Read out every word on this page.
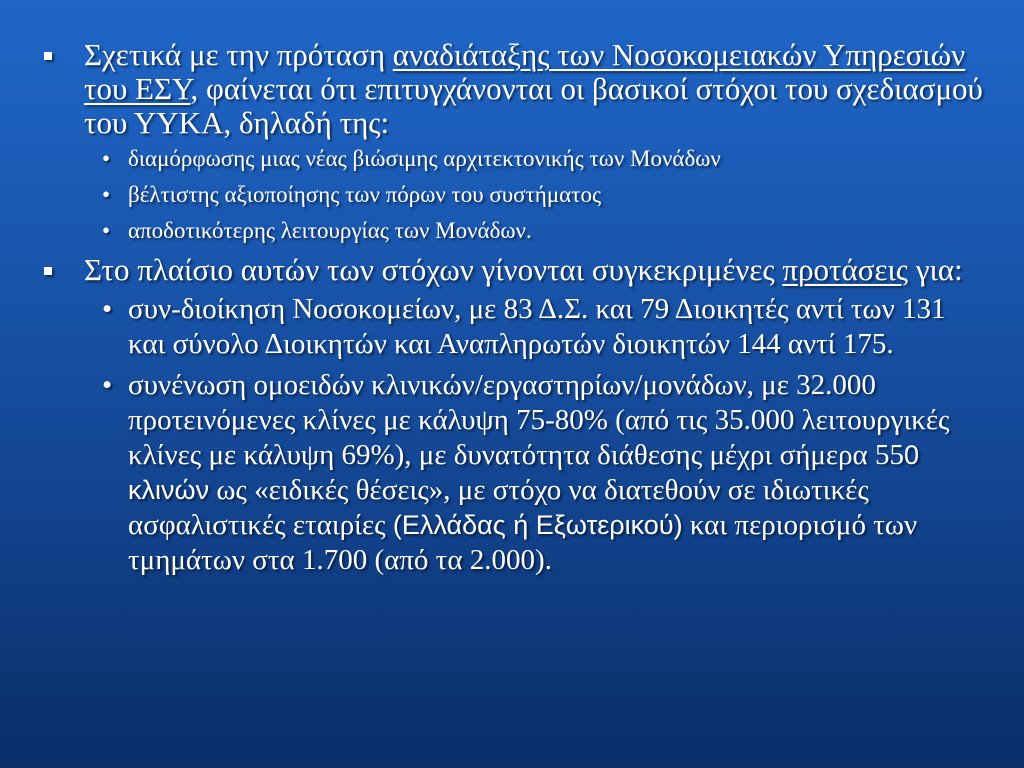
Σχετικά με την πρόταση αναδιάταξης των Νοσοκομειακών Υπηρεσιών του ΕΣΥ, φαίνεται ότι επιτυγχάνονται οι βασικοί στόχοι του σχεδιασμού του ΥΥΚΑ, δηλαδή της:
• διαμόρφωσης μιας νέας βιώσιμης αρχιτεκτονικής των Μονάδων
• βέλτιστης αξιοποίησης των πόρων του συστήματος
• αποδοτικότερης λειτουργίας των Μονάδων.
Στο πλαίσιο αυτών των στόχων γίνονται συγκεκριμένες προτάσεις για:
• συν-διοίκηση Νοσοκομείων, με 83 Δ.Σ. και 79 Διοικητές αντί των 131 και σύνολο Διοικητών και Αναπληρωτών διοικητών 144 αντί 175.
• συνένωση ομοειδών κλινικών/εργαστηρίων/μονάδων, με 32.000 προτεινόμενες κλίνες με κάλυψη 75-80% (από τις 35.000 λειτουργικές κλίνες με κάλυψη 69%), με δυνατότητα διάθεσης μέχρι σήμερα 550 κλινών ως «ειδικές θέσεις», με στόχο να διατεθούν σε ιδιωτικές ασφαλιστικές εταιρίες (Ελλάδας ή Εξωτερικού) και περιορισμό των τμημάτων στα 1.700 (από τα 2.000).
